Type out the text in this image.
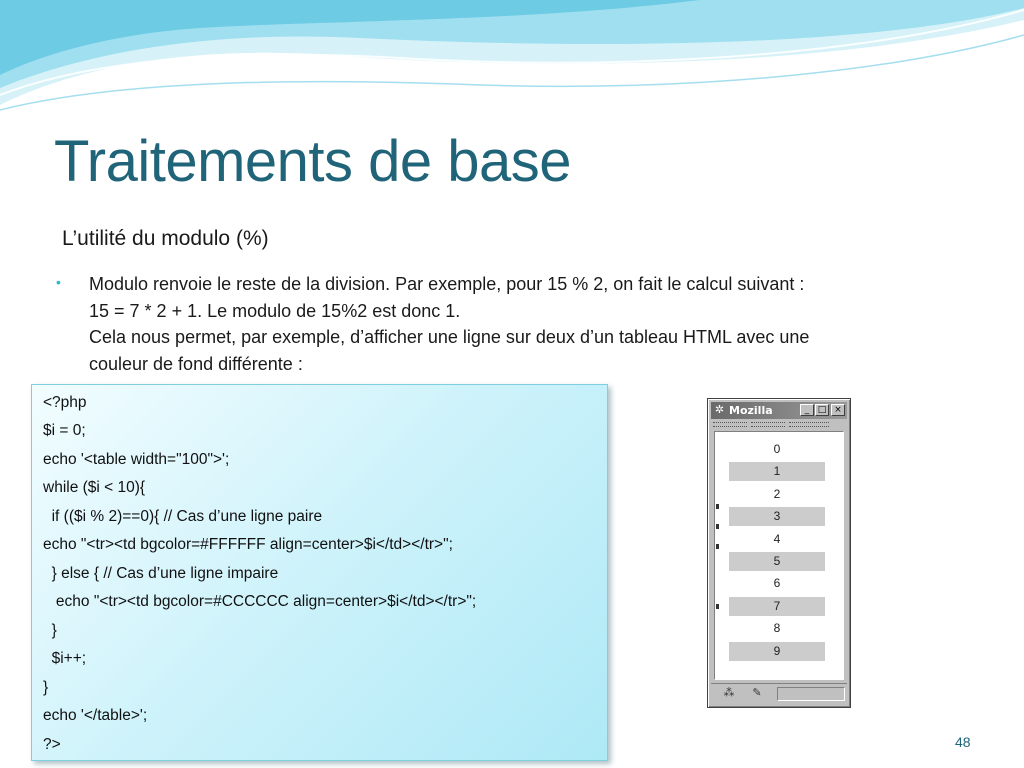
Traitements de base
L’utilité du modulo (%)
• Modulo renvoie le reste de la division. Par exemple, pour 15 % 2, on fait le calcul suivant :
15 = 7 * 2 + 1. Le modulo de 15%2 est donc 1.
Cela nous permet, par exemple, d’afficher une ligne sur deux d’un tableau HTML avec une
couleur de fond différente :
<?php
$i = 0;
echo '<table width="100">';
while ($i < 10){
if (($i % 2)==0){ // Cas d’une ligne paire
echo "<tr><td bgcolor=#FFFFFF align=center>$i</td></tr>";
} else { // Cas d’une ligne impaire
echo "<tr><td bgcolor=#CCCCCC align=center>$i</td></tr>";
}
$i++;
}
echo '</table>';
?>
✲ Mozilla	_ □ ×
0
1
2
3
4
5
6
7
8
9
⁂	✎
48
